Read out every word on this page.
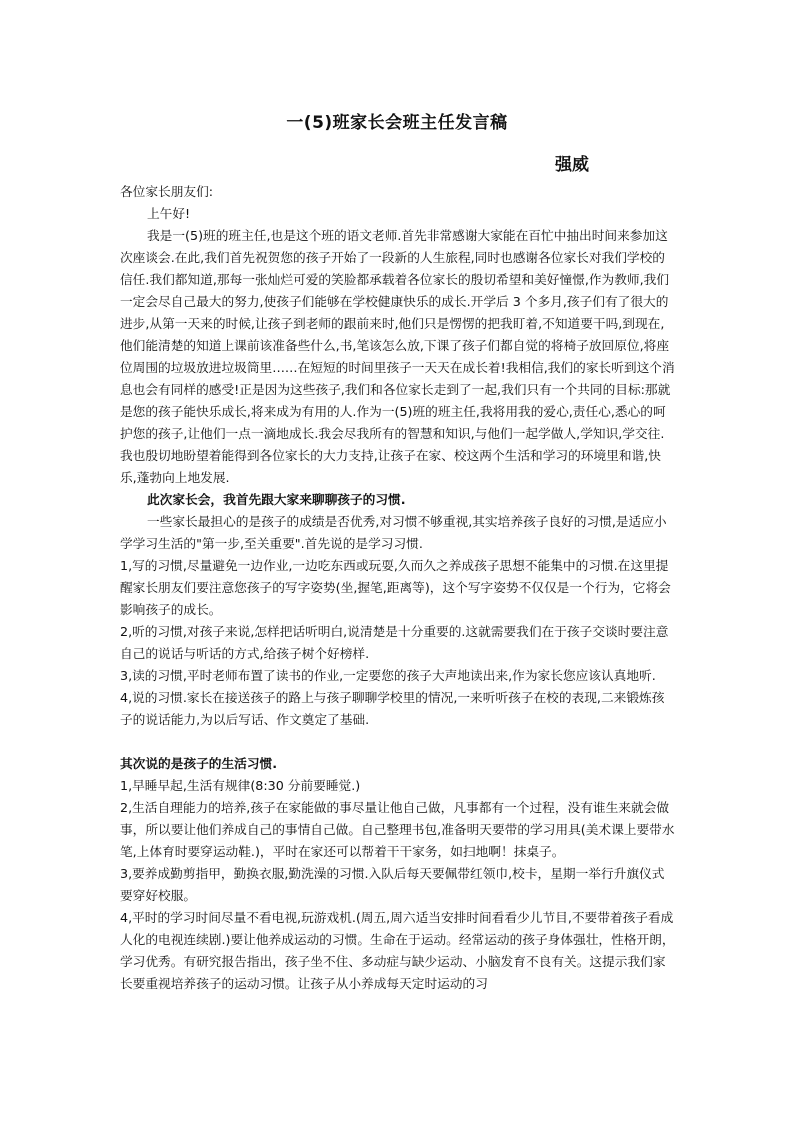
一(5)班家长会班主任发言稿
强威

各位家长朋友们:

上午好!

我是一(5)班的班主任,也是这个班的语文老师.首先非常感谢大家能在百忙中抽出时间来参加这次座谈会.在此,我们首先祝贺您的孩子开始了一段新的人生旅程,同时也感谢各位家长对我们学校的信任.我们都知道,那每一张灿烂可爱的笑脸都承载着各位家长的殷切希望和美好憧憬,作为教师,我们一定会尽自己最大的努力,使孩子们能够在学校健康快乐的成长.开学后 3 个多月,孩子们有了很大的进步,从第一天来的时候,让孩子到老师的跟前来时,他们只是愣愣的把我盯着,不知道要干吗,到现在,他们能清楚的知道上课前该准备些什么,书,笔该怎么放,下课了孩子们都自觉的将椅子放回原位,将座位周围的垃圾放进垃圾筒里……在短短的时间里孩子一天天在成长着!我相信,我们的家长听到这个消息也会有同样的感受!正是因为这些孩子,我们和各位家长走到了一起,我们只有一个共同的目标:那就是您的孩子能快乐成长,将来成为有用的人.作为一(5)班的班主任,我将用我的爱心,责任心,悉心的呵护您的孩子,让他们一点一滴地成长.我会尽我所有的智慧和知识,与他们一起学做人,学知识,学交往.我也殷切地盼望着能得到各位家长的大力支持,让孩子在家、校这两个生活和学习的环境里和谐,快乐,蓬勃向上地发展.

此次家长会，我首先跟大家来聊聊孩子的习惯.

一些家长最担心的是孩子的成绩是否优秀,对习惯不够重视,其实培养孩子良好的习惯,是适应小学学习生活的"第一步,至关重要".首先说的是学习习惯.

1,写的习惯,尽量避免一边作业,一边吃东西或玩耍,久而久之养成孩子思想不能集中的习惯.在这里提醒家长朋友们要注意您孩子的写字姿势(坐,握笔,距离等)，这个写字姿势不仅仅是一个行为，它将会影响孩子的成长。

2,听的习惯,对孩子来说,怎样把话听明白,说清楚是十分重要的.这就需要我们在于孩子交谈时要注意自己的说话与听话的方式,给孩子树个好榜样.

3,读的习惯,平时老师布置了读书的作业,一定要您的孩子大声地读出来,作为家长您应该认真地听.

4,说的习惯.家长在接送孩子的路上与孩子聊聊学校里的情况,一来听听孩子在校的表现,二来锻炼孩子的说话能力,为以后写话、作文奠定了基础.

其次说的是孩子的生活习惯.

1,早睡早起,生活有规律(8:30 分前要睡觉.)

2,生活自理能力的培养,孩子在家能做的事尽量让他自己做，凡事都有一个过程，没有谁生来就会做事，所以要让他们养成自己的事情自己做。自己整理书包,准备明天要带的学习用具(美术课上要带水笔,上体育时要穿运动鞋.)，平时在家还可以帮着干干家务，如扫地啊！抹桌子。

3,要养成勤剪指甲，勤换衣服,勤洗澡的习惯.入队后每天要佩带红领巾,校卡，星期一举行升旗仪式要穿好校服。

4,平时的学习时间尽量不看电视,玩游戏机.(周五,周六适当安排时间看看少儿节目,不要带着孩子看成人化的电视连续剧.)要让他养成运动的习惯。生命在于运动。经常运动的孩子身体强壮，性格开朗，学习优秀。有研究报告指出，孩子坐不住、多动症与缺少运动、小脑发育不良有关。这提示我们家长要重视培养孩子的运动习惯。让孩子从小养成每天定时运动的习
